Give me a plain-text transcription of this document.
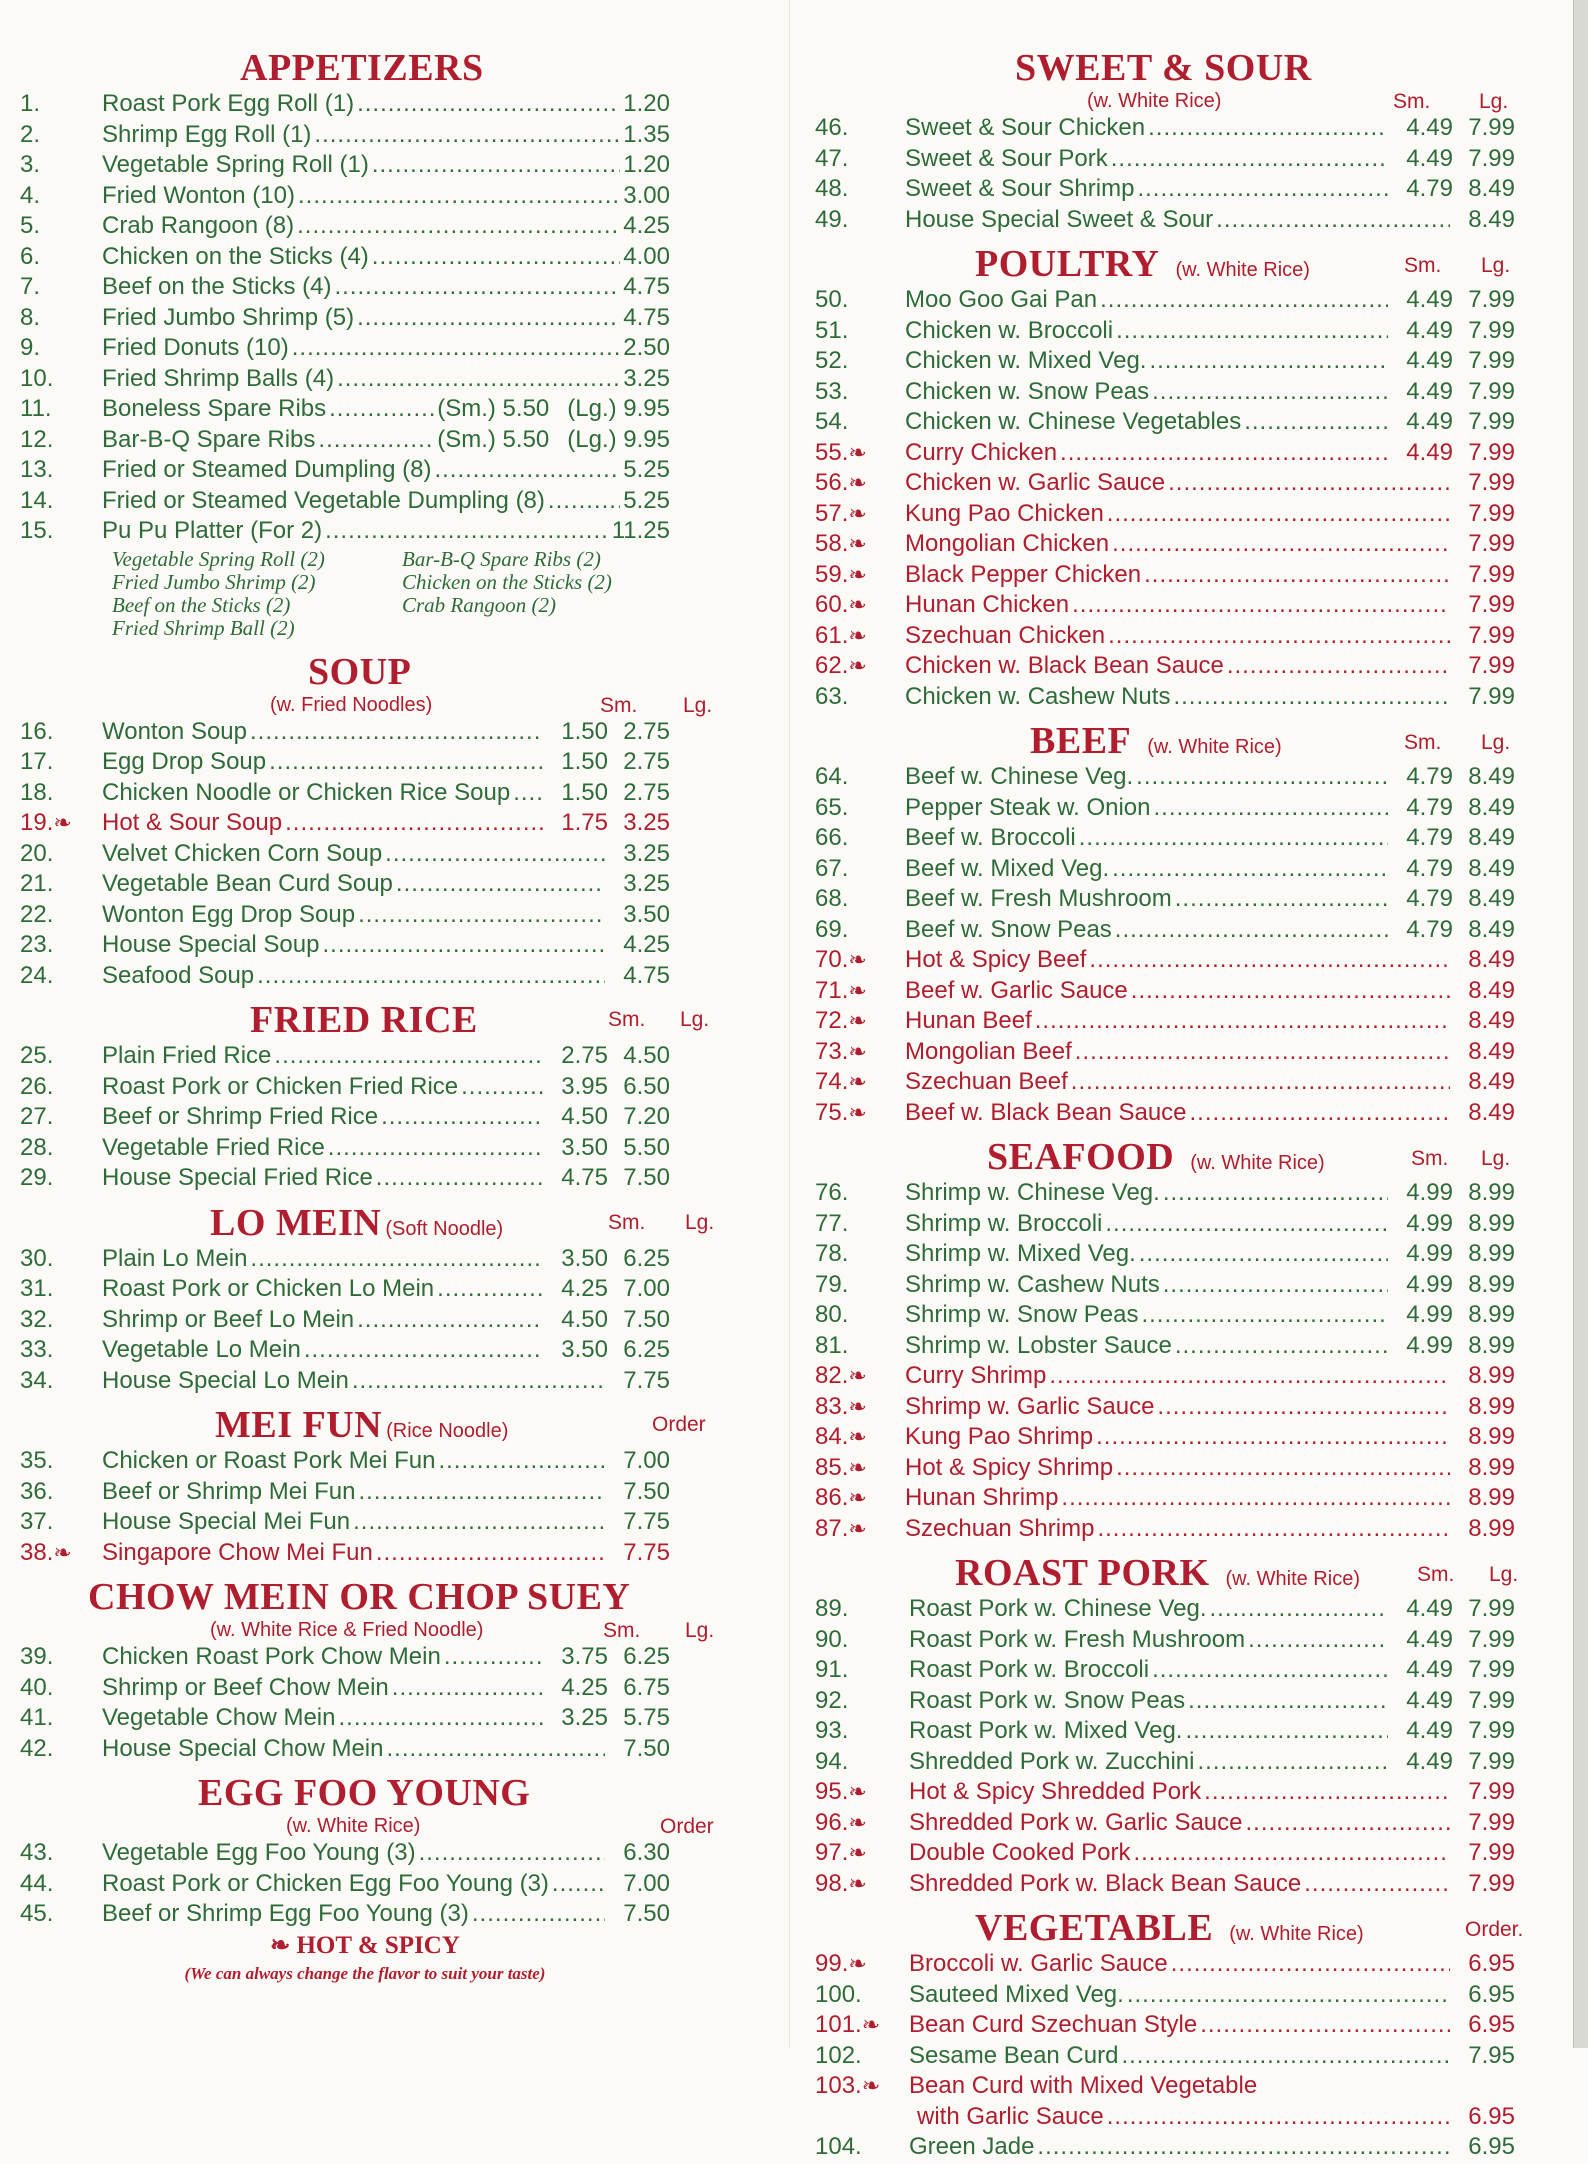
APPETIZERS
1.	Roast Pork Egg Roll (1) .....	1.20
2.	Shrimp Egg Roll (1) .....	1.35
3.	Vegetable Spring Roll (1) .....	1.20
4.	Fried Wonton (10) .....	3.00
5.	Crab Rangoon (8) .....	4.25
6.	Chicken on the Sticks (4) .....	4.00
7.	Beef on the Sticks (4) .....	4.75
8.	Fried Jumbo Shrimp (5) .....	4.75
9.	Fried Donuts (10) .....	2.50
10.	Fried Shrimp Balls (4) .....	3.25
11.	Boneless Spare Ribs .....	(Sm.) 5.50 (Lg.) 9.95
12.	Bar-B-Q Spare Ribs .....	(Sm.) 5.50 (Lg.) 9.95
13.	Fried or Steamed Dumpling (8) .....	5.25
14.	Fried or Steamed Vegetable Dumpling (8) .....	5.25
15.	Pu Pu Platter (For 2) .....	11.25
Vegetable Spring Roll (2)	Bar-B-Q Spare Ribs (2)
Fried Jumbo Shrimp (2)	Chicken on the Sticks (2)
Beef on the Sticks (2)	Crab Rangoon (2)
Fried Shrimp Ball (2)
SOUP
(w. Fried Noodles)	Sm. Lg.
16.	Wonton Soup .....	1.50 2.75
17.	Egg Drop Soup .....	1.50 2.75
18.	Chicken Noodle or Chicken Rice Soup .....	1.50 2.75
19.❧	Hot & Sour Soup .....	1.75 3.25
20.	Velvet Chicken Corn Soup .....	3.25
21.	Vegetable Bean Curd Soup .....	3.25
22.	Wonton Egg Drop Soup .....	3.50
23.	House Special Soup .....	4.25
24.	Seafood Soup .....	4.75
FRIED RICE	Sm. Lg.
25.	Plain Fried Rice .....	2.75 4.50
26.	Roast Pork or Chicken Fried Rice .....	3.95 6.50
27.	Beef or Shrimp Fried Rice .....	4.50 7.20
28.	Vegetable Fried Rice .....	3.50 5.50
29.	House Special Fried Rice .....	4.75 7.50
LO MEIN (Soft Noodle)	Sm. Lg.
30.	Plain Lo Mein .....	3.50 6.25
31.	Roast Pork or Chicken Lo Mein .....	4.25 7.00
32.	Shrimp or Beef Lo Mein .....	4.50 7.50
33.	Vegetable Lo Mein .....	3.50 6.25
34.	House Special Lo Mein .....	7.75
MEI FUN (Rice Noodle)	Order
35.	Chicken or Roast Pork Mei Fun .....	7.00
36.	Beef or Shrimp Mei Fun .....	7.50
37.	House Special Mei Fun .....	7.75
38.❧	Singapore Chow Mei Fun .....	7.75
CHOW MEIN OR CHOP SUEY
(w. White Rice & Fried Noodle)	Sm. Lg.
39.	Chicken Roast Pork Chow Mein .....	3.75 6.25
40.	Shrimp or Beef Chow Mein .....	4.25 6.75
41.	Vegetable Chow Mein .....	3.25 5.75
42.	House Special Chow Mein .....	7.50
EGG FOO YOUNG
(w. White Rice)	Order
43.	Vegetable Egg Foo Young (3) .....	6.30
44.	Roast Pork or Chicken Egg Foo Young (3) .....	7.00
45.	Beef or Shrimp Egg Foo Young (3) .....	7.50
❧ HOT & SPICY
(We can always change the flavor to suit your taste)
SWEET & SOUR
(w. White Rice)	Sm. Lg.
46.	Sweet & Sour Chicken .....	4.49 7.99
47.	Sweet & Sour Pork .....	4.49 7.99
48.	Sweet & Sour Shrimp .....	4.79 8.49
49.	House Special Sweet & Sour .....	8.49
POULTRY (w. White Rice)	Sm. Lg.
50.	Moo Goo Gai Pan .....	4.49 7.99
51.	Chicken w. Broccoli .....	4.49 7.99
52.	Chicken w. Mixed Veg. .....	4.49 7.99
53.	Chicken w. Snow Peas .....	4.49 7.99
54.	Chicken w. Chinese Vegetables .....	4.49 7.99
55.❧	Curry Chicken .....	4.49 7.99
56.❧	Chicken w. Garlic Sauce .....	7.99
57.❧	Kung Pao Chicken .....	7.99
58.❧	Mongolian Chicken .....	7.99
59.❧	Black Pepper Chicken .....	7.99
60.❧	Hunan Chicken .....	7.99
61.❧	Szechuan Chicken .....	7.99
62.❧	Chicken w. Black Bean Sauce .....	7.99
63.	Chicken w. Cashew Nuts .....	7.99
BEEF (w. White Rice)	Sm. Lg.
64.	Beef w. Chinese Veg. .....	4.79 8.49
65.	Pepper Steak w. Onion .....	4.79 8.49
66.	Beef w. Broccoli .....	4.79 8.49
67.	Beef w. Mixed Veg. .....	4.79 8.49
68.	Beef w. Fresh Mushroom .....	4.79 8.49
69.	Beef w. Snow Peas .....	4.79 8.49
70.❧	Hot & Spicy Beef .....	8.49
71.❧	Beef w. Garlic Sauce .....	8.49
72.❧	Hunan Beef .....	8.49
73.❧	Mongolian Beef .....	8.49
74.❧	Szechuan Beef .....	8.49
75.❧	Beef w. Black Bean Sauce .....	8.49
SEAFOOD (w. White Rice)	Sm. Lg.
76.	Shrimp w. Chinese Veg. .....	4.99 8.99
77.	Shrimp w. Broccoli .....	4.99 8.99
78.	Shrimp w. Mixed Veg. .....	4.99 8.99
79.	Shrimp w. Cashew Nuts .....	4.99 8.99
80.	Shrimp w. Snow Peas .....	4.99 8.99
81.	Shrimp w. Lobster Sauce .....	4.99 8.99
82.❧	Curry Shrimp .....	8.99
83.❧	Shrimp w. Garlic Sauce .....	8.99
84.❧	Kung Pao Shrimp .....	8.99
85.❧	Hot & Spicy Shrimp .....	8.99
86.❧	Hunan Shrimp .....	8.99
87.❧	Szechuan Shrimp .....	8.99
ROAST PORK (w. White Rice)	Sm. Lg.
89.	Roast Pork w. Chinese Veg. .....	4.49 7.99
90.	Roast Pork w. Fresh Mushroom .....	4.49 7.99
91.	Roast Pork w. Broccoli .....	4.49 7.99
92.	Roast Pork w. Snow Peas .....	4.49 7.99
93.	Roast Pork w. Mixed Veg. .....	4.49 7.99
94.	Shredded Pork w. Zucchini .....	4.49 7.99
95.❧	Hot & Spicy Shredded Pork .....	7.99
96.❧	Shredded Pork w. Garlic Sauce .....	7.99
97.❧	Double Cooked Pork .....	7.99
98.❧	Shredded Pork w. Black Bean Sauce .....	7.99
VEGETABLE (w. White Rice)	Order.
99.❧	Broccoli w. Garlic Sauce .....	6.95
100.	Sauteed Mixed Veg. .....	6.95
101.❧	Bean Curd Szechuan Style .....	6.95
102.	Sesame Bean Curd .....	7.95
103.❧	Bean Curd with Mixed Vegetable
with Garlic Sauce .....	6.95
104.	Green Jade .....	6.95
